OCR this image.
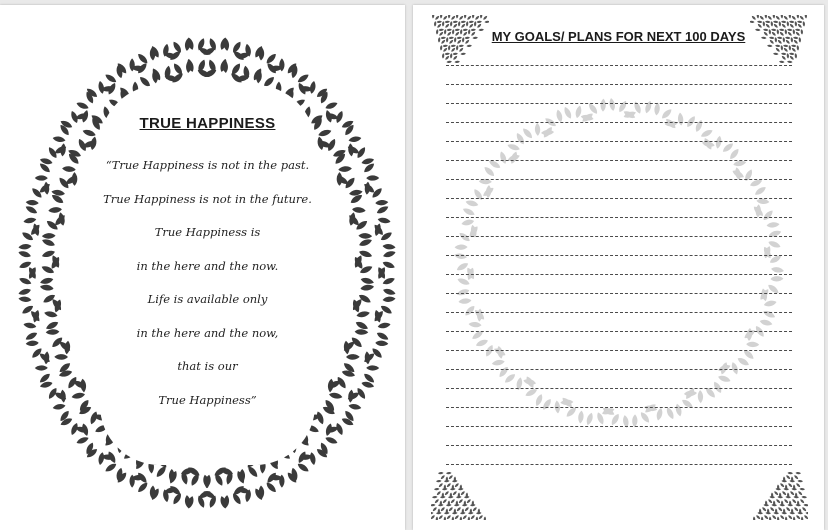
TRUE HAPPINESS
“True Happiness is not in the past.
True Happiness is not in the future.
True Happiness is
in the here and the now.
Life is available only
in the here and the now,
that is our
True Happiness”
MY GOALS/ PLANS FOR NEXT 100 DAYS
